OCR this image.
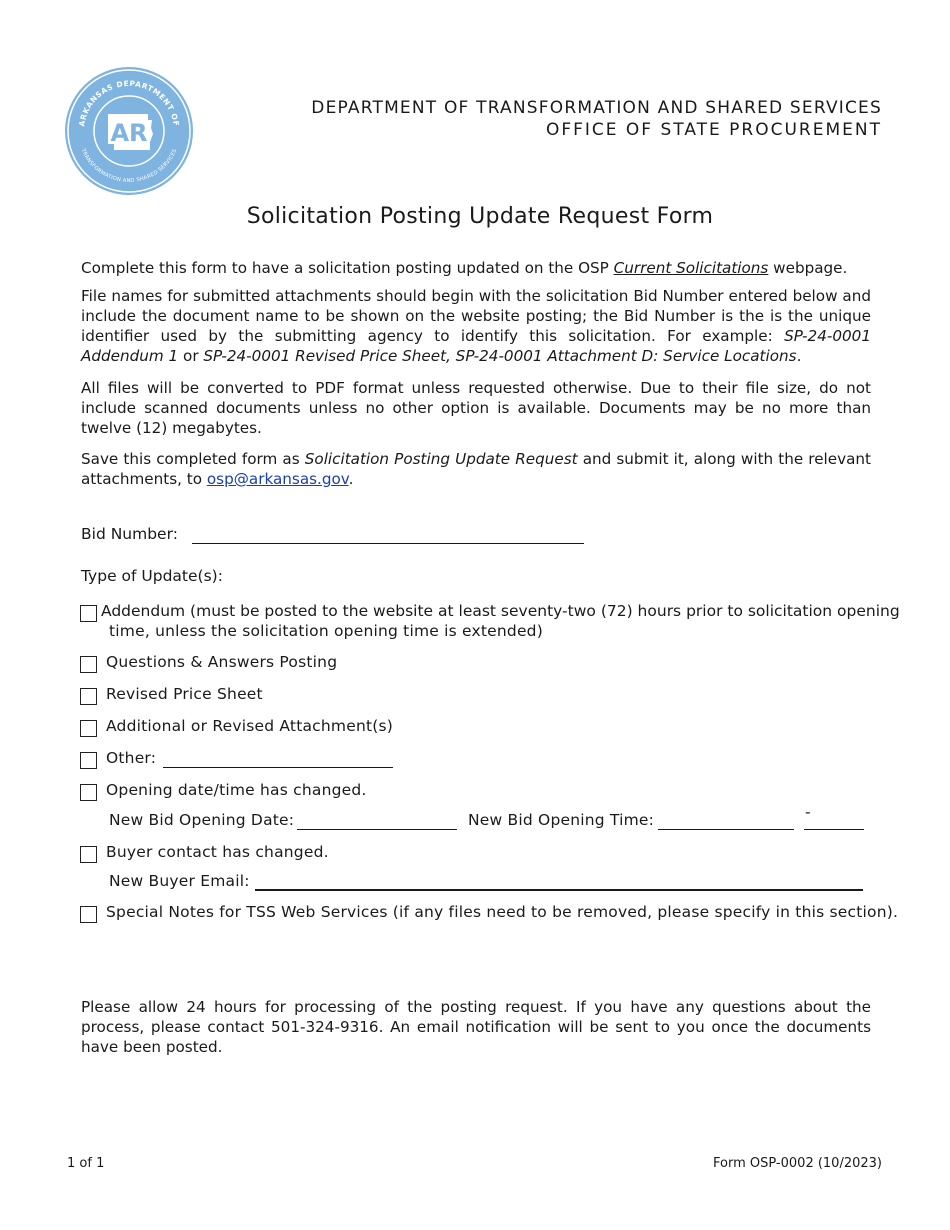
ARKANSAS DEPARTMENT OF
TRANSFORMATION AND SHARED SERVICES
AR
DEPARTMENT OF TRANSFORMATION AND SHARED SERVICES
OFFICE OF STATE PROCUREMENT
Solicitation Posting Update Request Form
Complete this form to have a solicitation posting updated on the OSP Current Solicitations webpage.
File names for submitted attachments should begin with the solicitation Bid Number entered below and include the document name to be shown on the website posting; the Bid Number is the is the unique identifier used by the submitting agency to identify this solicitation. For example: SP-24-0001 Addendum 1 or SP-24-0001 Revised Price Sheet, SP-24-0001 Attachment D: Service Locations.
All files will be converted to PDF format unless requested otherwise. Due to their file size, do not include scanned documents unless no other option is available. Documents may be no more than twelve (12) megabytes.
Save this completed form as Solicitation Posting Update Request and submit it, along with the relevant attachments, to osp@arkansas.gov.
Bid Number:
Type of Update(s):
Addendum (must be posted to the website at least seventy-two (72) hours prior to solicitation opening
time, unless the solicitation opening time is extended)
Questions & Answers Posting
Revised Price Sheet
Additional or Revised Attachment(s)
Other:
Opening date/time has changed.
New Bid Opening Date:	New Bid Opening Time:	-
Buyer contact has changed.
New Buyer Email:
Special Notes for TSS Web Services (if any files need to be removed, please specify in this section).
Please allow 24 hours for processing of the posting request. If you have any questions about the process, please contact 501-324-9316. An email notification will be sent to you once the documents have been posted.
1 of 1	Form OSP-0002 (10/2023)
